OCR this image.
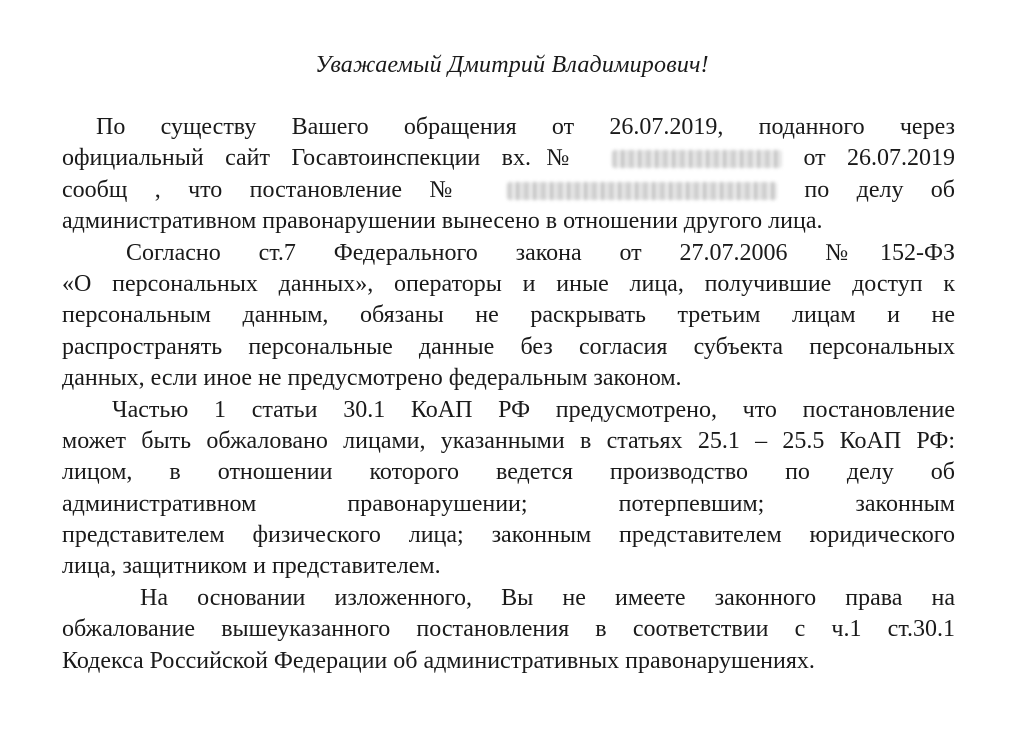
Уважаемый Дмитрий Владимирович!
По существу Вашего обращения от 26.07.2019, поданного через
официальный сайт Госавтоинспекции вх.№	от 26.07.2019
сообщ , что постановление №	по делу об
административном правонарушении вынесено в отношении другого лица.
Согласно ст.7 Федерального закона от 27.07.2006 №152-ФЗ
«О персональных данных», операторы и иные лица, получившие доступ к
персональным данным, обязаны не раскрывать третьим лицам и не
распространять персональные данные без согласия субъекта персональных
данных, если иное не предусмотрено федеральным законом.
Частью 1 статьи 30.1 КоАП РФ предусмотрено, что постановление
может быть обжаловано лицами, указанными в статьях 25.1 – 25.5 КоАП РФ:
лицом, в отношении которого ведется производство по делу об
административном правонарушении; потерпевшим; законным
представителем физического лица; законным представителем юридического
лица, защитником и представителем.
На основании изложенного, Вы не имеете законного права на
обжалование вышеуказанного постановления в соответствии с ч.1 ст.30.1
Кодекса Российской Федерации об административных правонарушениях.
